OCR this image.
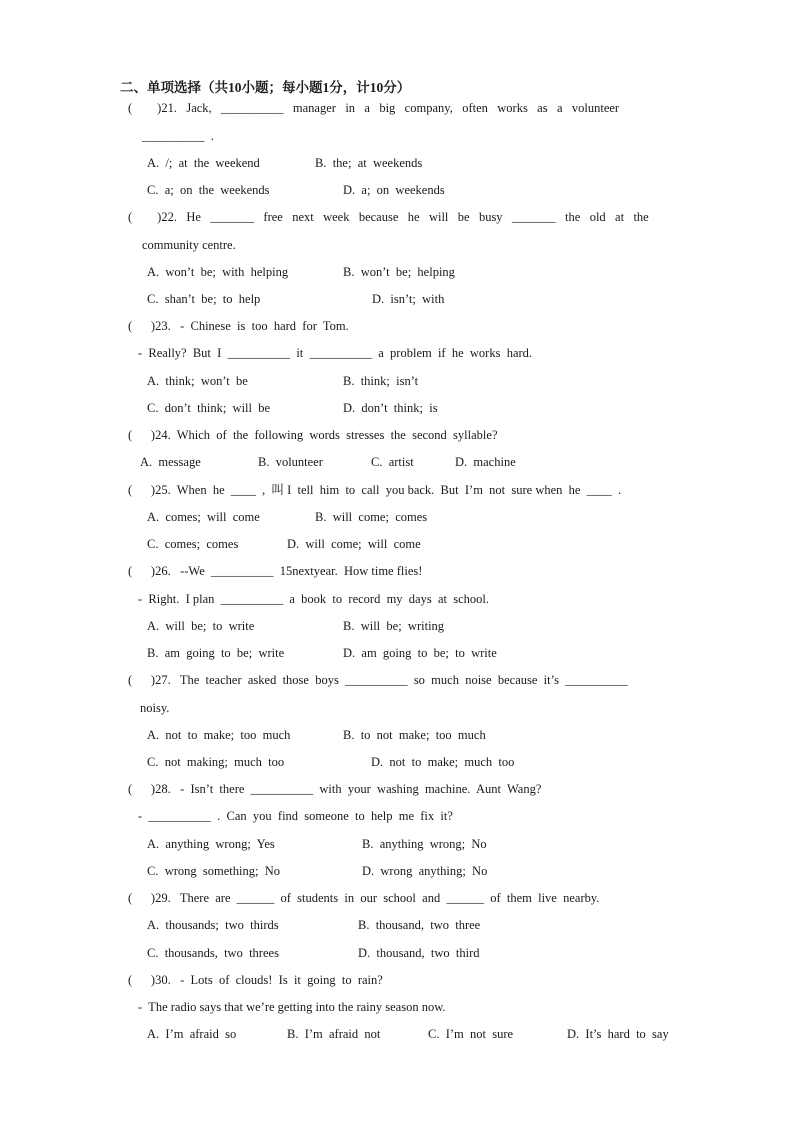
二、单项选择（共10小题；每小题1分，计10分）
(        )21.   Jack,   __________   manager   in   a   big   company,   often   works   as   a   volunteer
__________  .
A.  /;  at  the  weekend	B.  the;  at  weekends
C.  a;  on  the  weekends	D.  a;  on  weekends
(        )22.   He   _______   free   next   week   because   he   will   be   busy   _______   the   old   at   the
community centre.
A.  won’t  be;  with  helping	B.  won’t  be;  helping
C.  shan’t  be;  to  help	D.  isn’t;  with
(      )23.   -  Chinese  is  too  hard  for  Tom.
-  Really?  But  I  __________  it  __________  a  problem  if  he  works  hard.
A.  think;  won’t  be	B.  think;  isn’t
C.  don’t  think;  will  be	D.  don’t  think;  is
(      )24.  Which  of  the  following  words  stresses  the  second  syllable?
A.  message	B.  volunteer	C.  artist	D.  machine
(      )25.  When  he  ____  ,  叫 I  tell  him  to  call  you back.  But  I’m  not  sure when  he  ____  .
A.  comes;  will  come	B.  will  come;  comes
C.  comes;  comes	D.  will  come;  will  come
(      )26.   --We  __________  15nextyear.  How time flies!
-  Right.  I plan  __________  a  book  to  record  my  days  at  school.
A.  will  be;  to  write	B.  will  be;  writing
B.  am  going  to  be;  write	D.  am  going  to  be;  to  write
(      )27.   The  teacher  asked  those  boys  __________  so  much  noise  because  it’s  __________
noisy.
A.  not  to  make;  too  much	B.  to  not  make;  too  much
C.  not  making;  much  too	D.  not  to  make;  much  too
(      )28.   -  Isn’t  there  __________  with  your  washing  machine.  Aunt  Wang?
-  __________  .  Can  you  find  someone  to  help  me  fix  it?
A.  anything  wrong;  Yes	B.  anything  wrong;  No
C.  wrong  something;  No	D.  wrong  anything;  No
(      )29.   There  are  ______  of  students  in  our  school  and  ______  of  them  live  nearby.
A.  thousands;  two  thirds	B.  thousand,  two  three
C.  thousands,  two  threes	D.  thousand,  two  third
(      )30.   -  Lots  of  clouds!  Is  it  going  to  rain?
-  The radio says that we’re getting into the rainy season now.
A.  I’m  afraid  so	B.  I’m  afraid  not	C.  I’m  not  sure	D.  It’s  hard  to  say
